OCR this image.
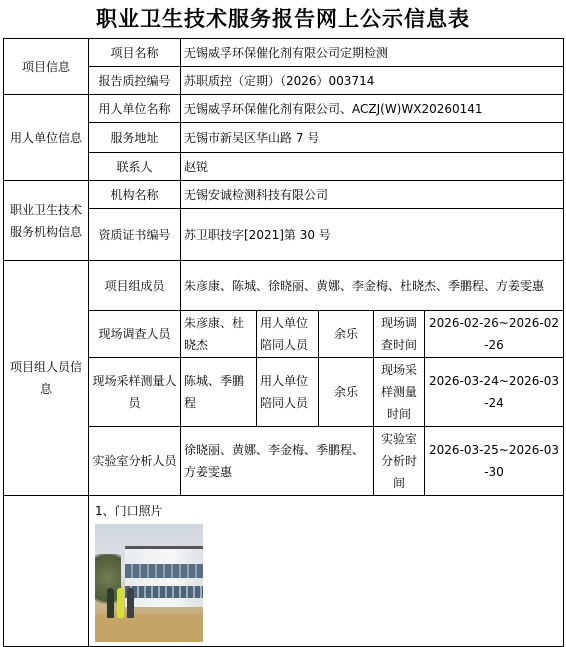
职业卫生技术服务报告网上公示信息表
项目信息	项目名称	无锡威孚环保催化剂有限公司定期检测				
	报告质控编号	苏职质控（定期）（2026）003714				
用人单位信息	用人单位名称	无锡威孚环保催化剂有限公司、ACZJ(W)WX20260141				
	服务地址	无锡市新吴区华山路 7 号				
	联系人	赵锐				
职业卫生技术服务机构信息	机构名称	无锡安诚检测科技有限公司				
	资质证书编号	苏卫职技字[2021]第 30 号				
项目组人员信息	项目组成员	朱彦康、陈城、徐晓丽、黄娜、李金梅、杜晓杰、季鹏程、方姜雯惠				
	现场调查人员	朱彦康、杜晓杰	用人单位陪同人员	余乐	现场调查时间	2026-02-26~2026-02-26
	现场采样测量人员	陈城、季鹏程	用人单位陪同人员	余乐	现场采样测量时间	2026-03-24~2026-03-24
	实验室分析人员	徐晓丽、黄娜、李金梅、季鹏程、方姜雯惠			实验室分析时间	2026-03-25~2026-03-30

	1、门口照片					
